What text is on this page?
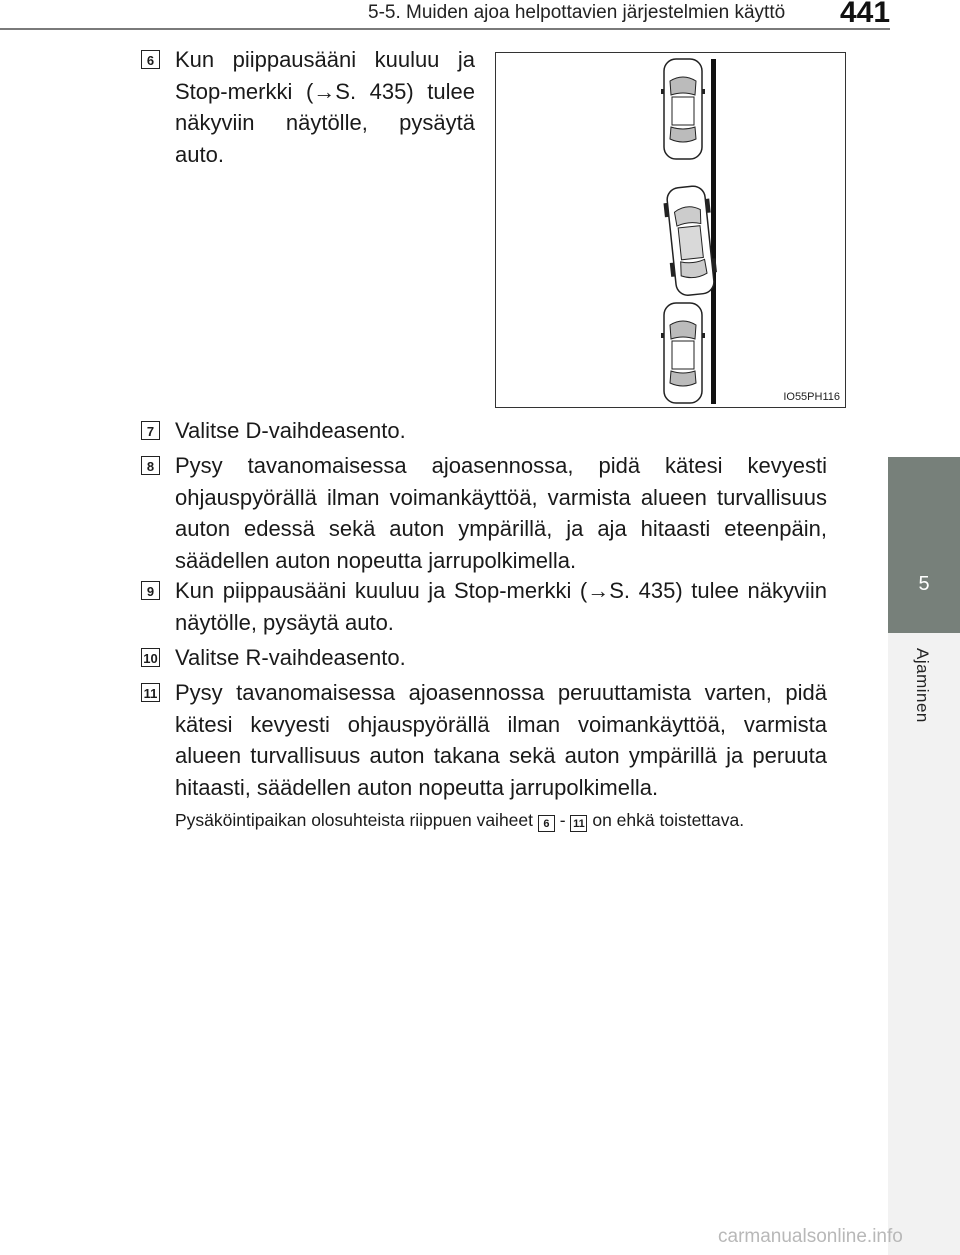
5-5. Muiden ajoa helpottavien järjestelmien käyttö 441
5
Ajaminen
6 Kun piippausääni kuuluu ja Stop-merkki (→S. 435) tulee näkyviin näytölle, pysäytä auto.
IO55PH116
7 Valitse D-vaihdeasento.
8 Pysy tavanomaisessa ajoasennossa, pidä kätesi kevyesti ohjauspyörällä ilman voimankäyttöä, varmista alueen turvallisuus auton edessä sekä auton ympärillä, ja aja hitaasti eteenpäin, säädellen auton nopeutta jarrupolkimella.
9 Kun piippausääni kuuluu ja Stop-merkki (→S. 435) tulee näkyviin näytölle, pysäytä auto.
10 Valitse R-vaihdeasento.
11 Pysy tavanomaisessa ajoasennossa peruuttamista varten, pidä kätesi kevyesti ohjauspyörällä ilman voimankäyttöä, varmista alueen turvallisuus auton takana sekä auton ympärillä ja peruuta hitaasti, säädellen auton nopeutta jarrupolkimella.
Pysäköintipaikan olosuhteista riippuen vaiheet 6 - 11 on ehkä toistettava.
carmanualsonline.info
